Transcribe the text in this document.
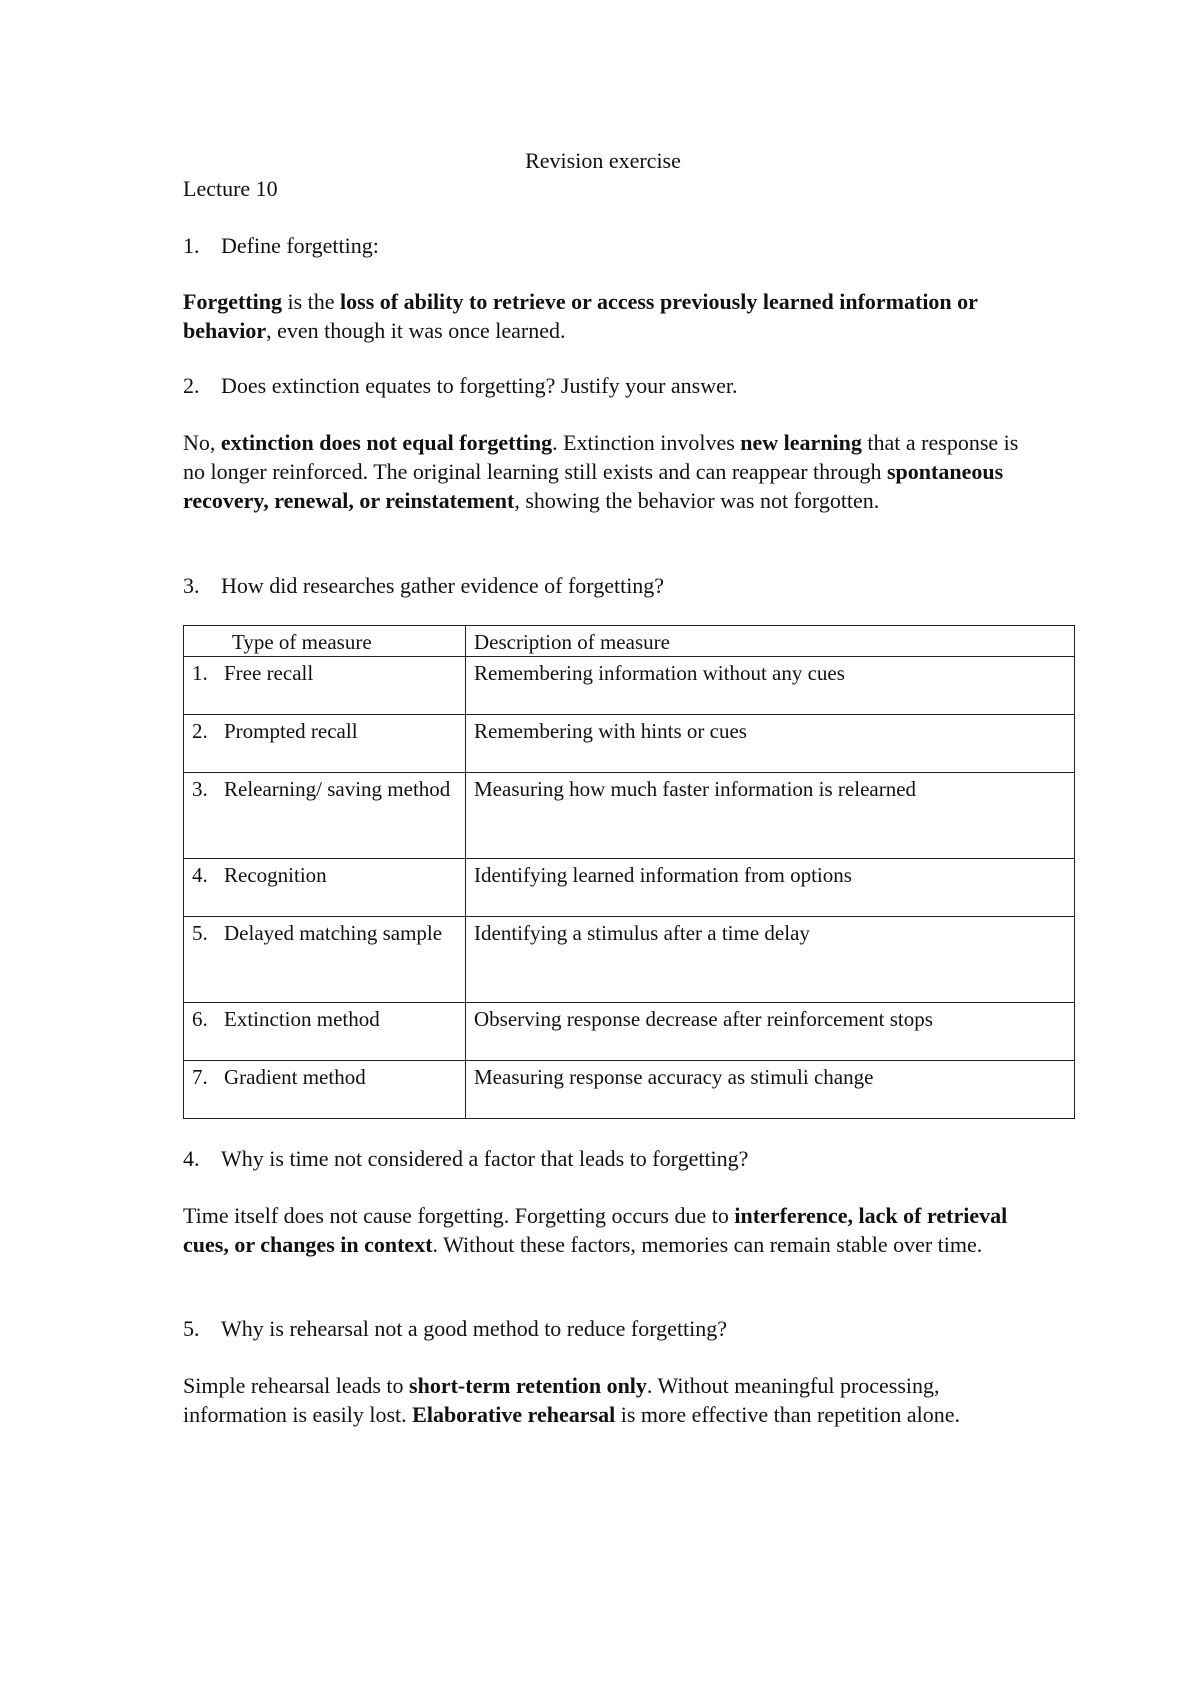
Revision exercise
Lecture 10
1. Define forgetting:
Forgetting is the loss of ability to retrieve or access previously learned information or behavior, even though it was once learned.
2. Does extinction equates to forgetting? Justify your answer.
No, extinction does not equal forgetting. Extinction involves new learning that a response is no longer reinforced. The original learning still exists and can reappear through spontaneous recovery, renewal, or reinstatement, showing the behavior was not forgotten.
3. How did researches gather evidence of forgetting?
Type of measure	Description of measure

1. Free recall	Remembering information without any cues

2. Prompted recall	Remembering with hints or cues

3. Relearning/ saving method	Measuring how much faster information is relearned

4. Recognition	Identifying learned information from options

5. Delayed matching sample	Identifying a stimulus after a time delay

6. Extinction method	Observing response decrease after reinforcement stops

7. Gradient method	Measuring response accuracy as stimuli change
4. Why is time not considered a factor that leads to forgetting?
Time itself does not cause forgetting. Forgetting occurs due to interference, lack of retrieval cues, or changes in context. Without these factors, memories can remain stable over time.
5. Why is rehearsal not a good method to reduce forgetting?
Simple rehearsal leads to short-term retention only. Without meaningful processing, information is easily lost. Elaborative rehearsal is more effective than repetition alone.
